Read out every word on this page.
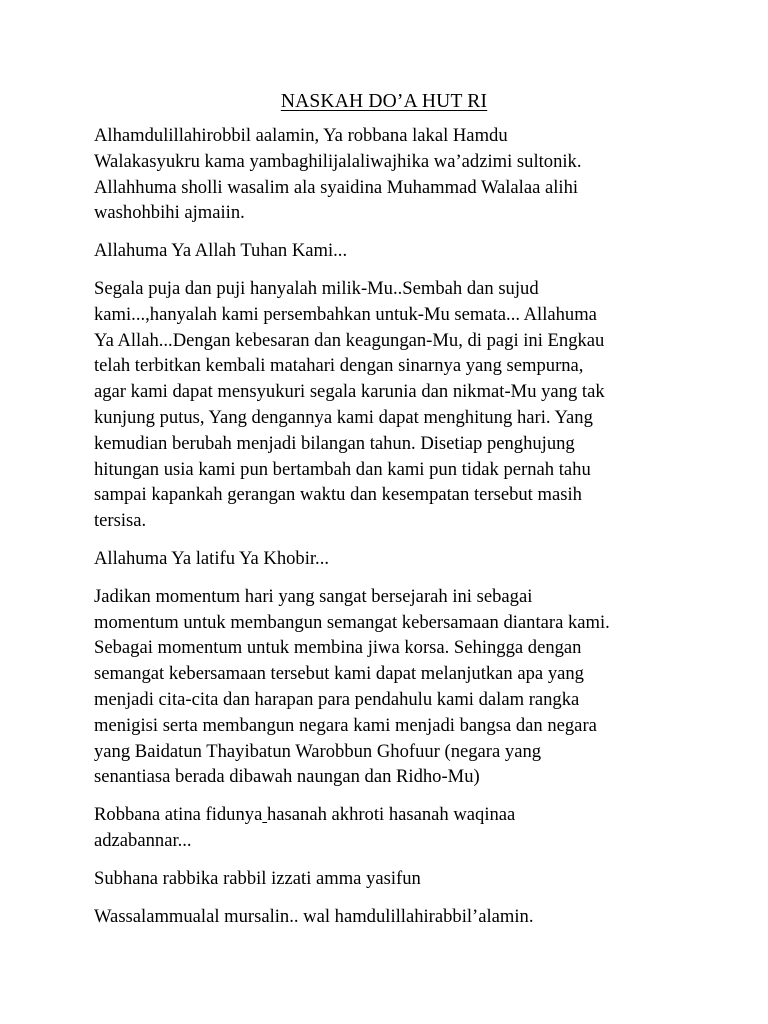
NASKAH DO’A HUT RI

Alhamdulillahirobbil aalamin, Ya robbana lakal Hamdu
Walakasyukru kama yambaghilijalaliwajhika wa’adzimi sultonik.
Allahhuma sholli wasalim ala syaidina Muhammad Walalaa alihi
washohbihi ajmaiin.

Allahuma Ya Allah Tuhan Kami...

Segala puja dan puji hanyalah milik-Mu..Sembah dan sujud
kami...,hanyalah kami persembahkan untuk-Mu semata... Allahuma
Ya Allah...Dengan kebesaran dan keagungan-Mu, di pagi ini Engkau
telah terbitkan kembali matahari dengan sinarnya yang sempurna,
agar kami dapat mensyukuri segala karunia dan nikmat-Mu yang tak
kunjung putus, Yang dengannya kami dapat menghitung hari. Yang
kemudian berubah menjadi bilangan tahun. Disetiap penghujung
hitungan usia kami pun bertambah dan kami pun tidak pernah tahu
sampai kapankah gerangan waktu dan kesempatan tersebut masih
tersisa.

Allahuma Ya latifu Ya Khobir...

Jadikan momentum hari yang sangat bersejarah ini sebagai
momentum untuk membangun semangat kebersamaan diantara kami.
Sebagai momentum untuk membina jiwa korsa. Sehingga dengan
semangat kebersamaan tersebut kami dapat melanjutkan apa yang
menjadi cita-cita dan harapan para pendahulu kami dalam rangka
menigisi serta membangun negara kami menjadi bangsa dan negara
yang Baidatun Thayibatun Warobbun Ghofuur (negara yang
senantiasa berada dibawah naungan dan Ridho-Mu)

Robbana atina fidunya hasanah akhroti hasanah waqinaa
adzabannar...

Subhana rabbika rabbil izzati amma yasifun

Wassalammualal mursalin.. wal hamdulillahirabbil’alamin.
